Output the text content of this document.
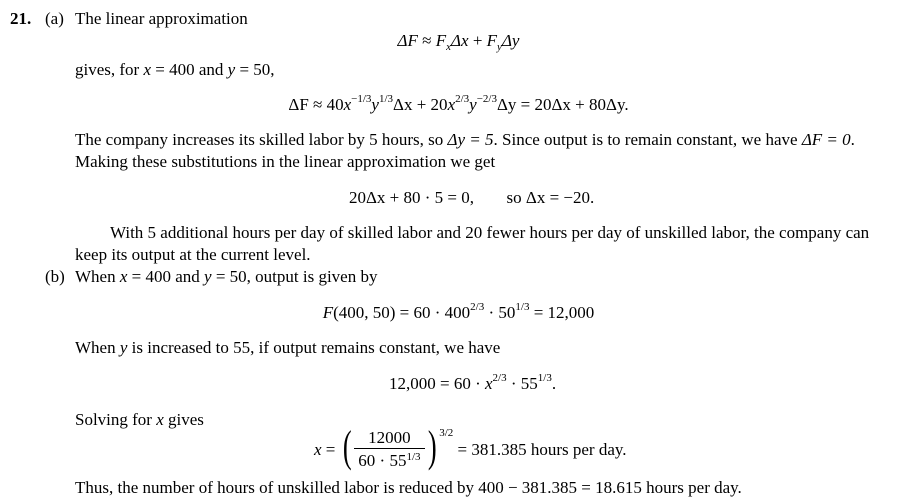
21. (a) The linear approximation
$\Delta F \approx F_x\Delta x + F_y\Delta y$
gives, for x = 400 and y = 50,
$\Delta F \approx 40x^{-1/3}y^{1/3}\Delta x + 20x^{2/3}y^{-2/3}\Delta y = 20\Delta x + 80\Delta y$.
The company increases its skilled labor by 5 hours, so Δy = 5. Since output is to remain constant, we have ΔF = 0.
Making these substitutions in the linear approximation we get
20Δx + 80 · 5 = 0, so Δx = −20.
With 5 additional hours per day of skilled labor and 20 fewer hours per day of unskilled labor, the company can
keep its output at the current level.
(b) When x = 400 and y = 50, output is given by
F(400, $50) = 60 \cdot 400^{2/3} \cdot 50^{1/3} = 12,000$
When y is increased to 55, if output remains constant, we have
$12,000 = 60 \cdot x^{2/3} \cdot 55^{1/3}$.
Solving for x gives
x = ( $\frac{12000}{60 \cdot 55^{1/3}}$ ) $^{3/2}$
= 381.385 hours per day.
Thus, the number of hours of unskilled labor is reduced by 400 − 381.385 = 18.615 hours per day.
